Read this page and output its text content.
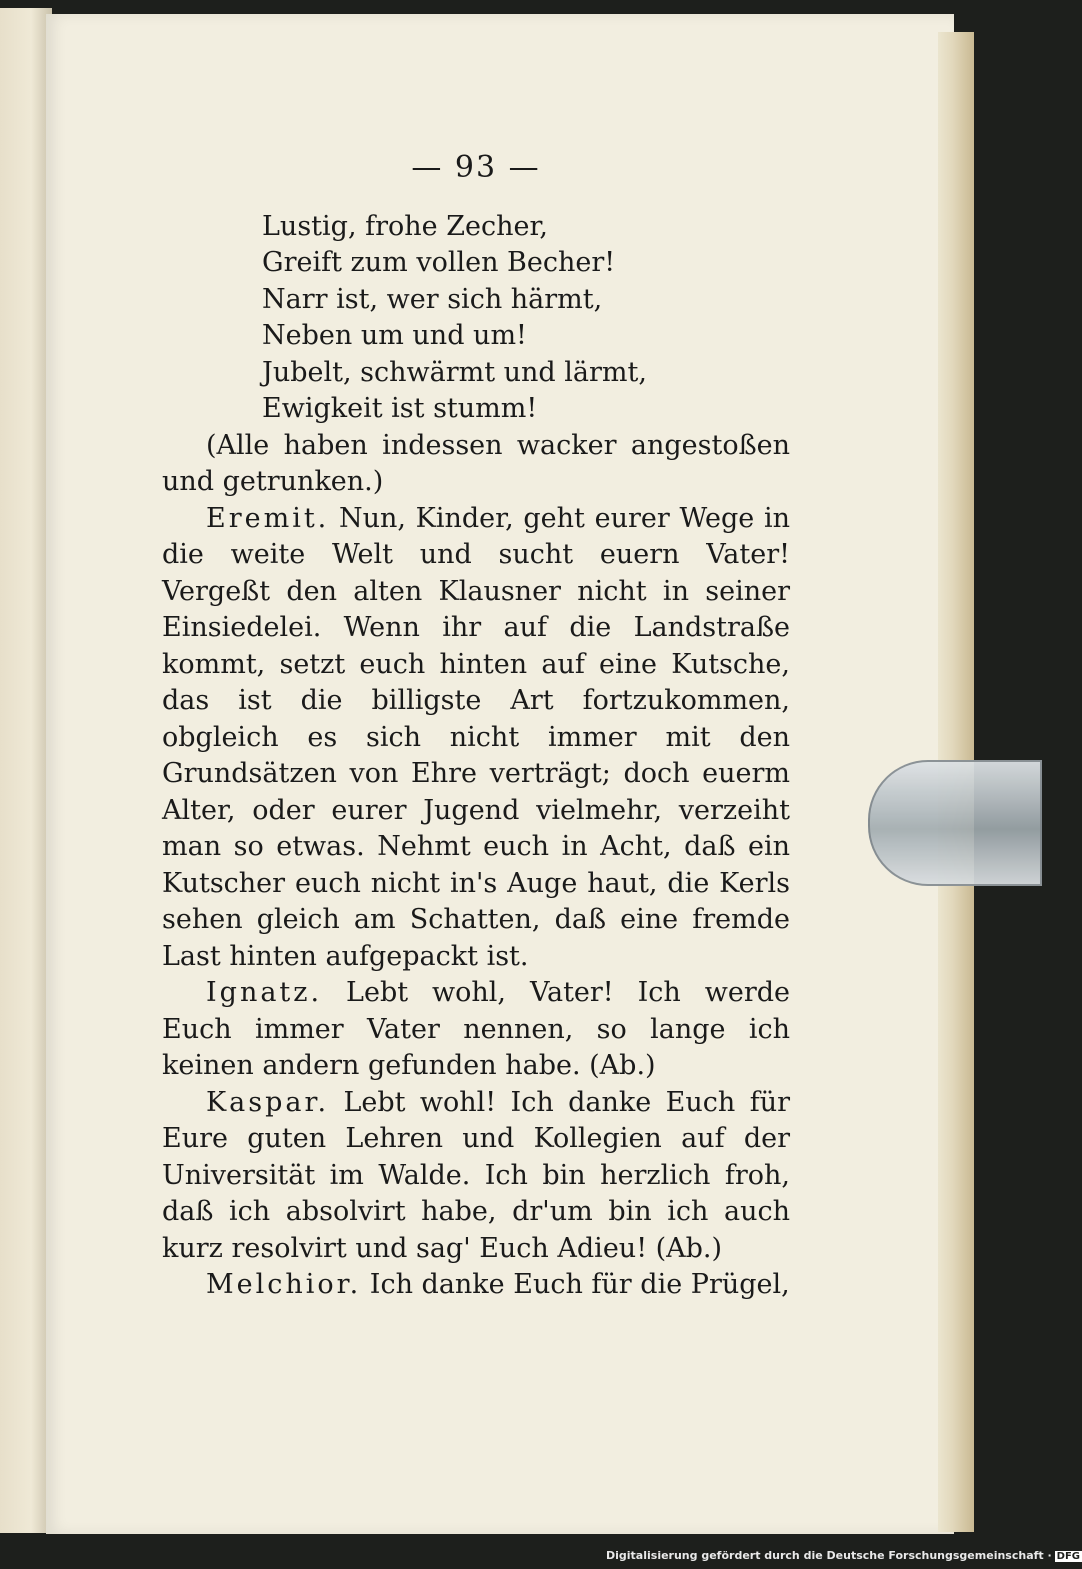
— 93 —
Lustig, frohe Zecher,
Greift zum vollen Becher!
Narr ist, wer sich härmt,
Neben um und um!
Jubelt, schwärmt und lärmt,
Ewigkeit ist stumm!

(Alle haben indessen wacker angestoßen und getrunken.)

Eremit. Nun, Kinder, geht eurer Wege in die weite Welt und sucht euern Vater! Vergeßt den alten Klausner nicht in seiner Einsiedelei. Wenn ihr auf die Landstraße kommt, setzt euch hinten auf eine Kutsche, das ist die billigste Art fortzukommen, obgleich es sich nicht immer mit den Grundsätzen von Ehre verträgt; doch euerm Alter, oder eurer Jugend vielmehr, verzeiht man so etwas. Nehmt euch in Acht, daß ein Kutscher euch nicht in's Auge haut, die Kerls sehen gleich am Schatten, daß eine fremde Last hinten aufgepackt ist.

Ignatz. Lebt wohl, Vater! Ich werde Euch immer Vater nennen, so lange ich keinen andern gefunden habe. (Ab.)

Kaspar. Lebt wohl! Ich danke Euch für Eure guten Lehren und Kollegien auf der Universität im Walde. Ich bin herzlich froh, daß ich absolvirt habe, dr'um bin ich auch kurz resolvirt und sag' Euch Adieu! (Ab.)

Melchior. Ich danke Euch für die Prügel,

Digitalisierung gefördert durch die Deutsche Forschungsgemeinschaft · DFG
